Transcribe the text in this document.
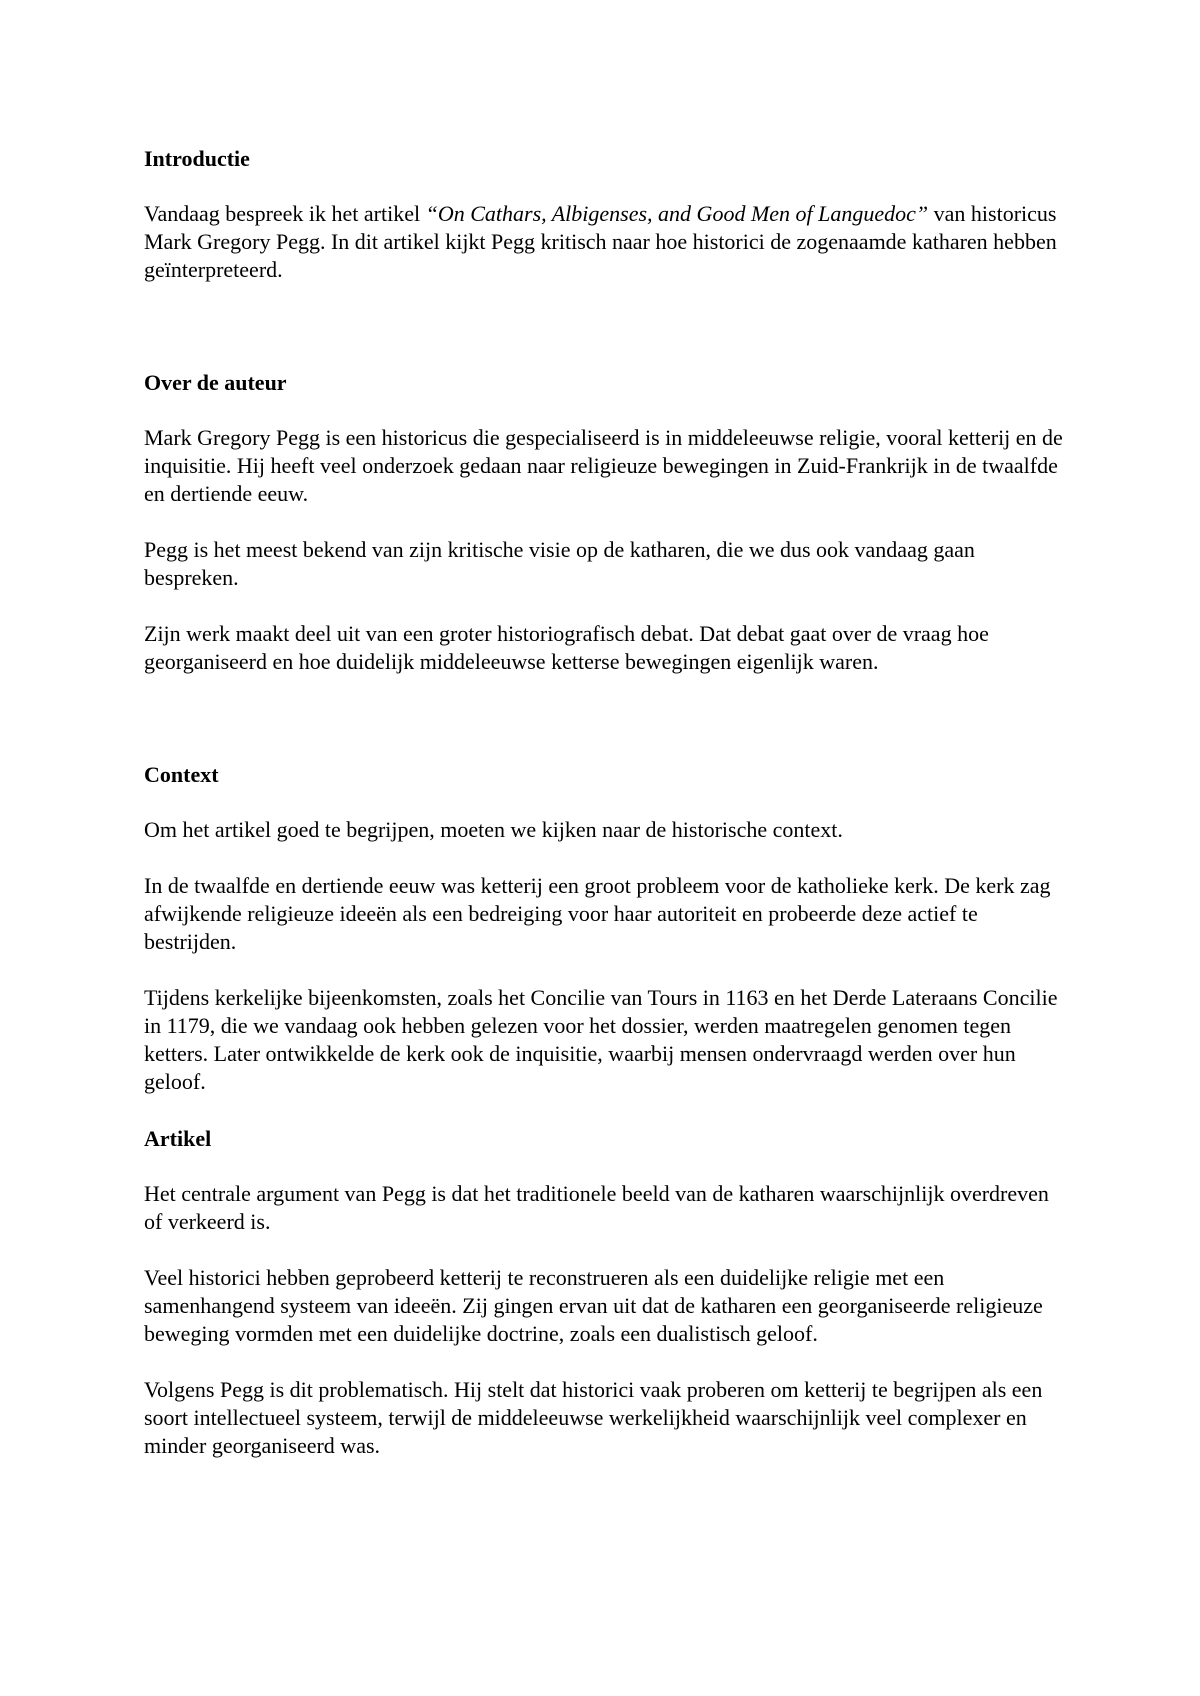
Introductie

Vandaag bespreek ik het artikel “On Cathars, Albigenses, and Good Men of Languedoc” van historicus Mark Gregory Pegg. In dit artikel kijkt Pegg kritisch naar hoe historici de zogenaamde katharen hebben geïnterpreteerd.

Over de auteur

Mark Gregory Pegg is een historicus die gespecialiseerd is in middeleeuwse religie, vooral ketterij en de inquisitie. Hij heeft veel onderzoek gedaan naar religieuze bewegingen in Zuid-Frankrijk in de twaalfde en dertiende eeuw.

Pegg is het meest bekend van zijn kritische visie op de katharen, die we dus ook vandaag gaan bespreken.

Zijn werk maakt deel uit van een groter historiografisch debat. Dat debat gaat over de vraag hoe georganiseerd en hoe duidelijk middeleeuwse ketterse bewegingen eigenlijk waren.

Context

Om het artikel goed te begrijpen, moeten we kijken naar de historische context.

In de twaalfde en dertiende eeuw was ketterij een groot probleem voor de katholieke kerk. De kerk zag afwijkende religieuze ideeën als een bedreiging voor haar autoriteit en probeerde deze actief te bestrijden.

Tijdens kerkelijke bijeenkomsten, zoals het Concilie van Tours in 1163 en het Derde Lateraans Concilie in 1179, die we vandaag ook hebben gelezen voor het dossier, werden maatregelen genomen tegen ketters. Later ontwikkelde de kerk ook de inquisitie, waarbij mensen ondervraagd werden over hun geloof.

Artikel

Het centrale argument van Pegg is dat het traditionele beeld van de katharen waarschijnlijk overdreven of verkeerd is.

Veel historici hebben geprobeerd ketterij te reconstrueren als een duidelijke religie met een samenhangend systeem van ideeën. Zij gingen ervan uit dat de katharen een georganiseerde religieuze beweging vormden met een duidelijke doctrine, zoals een dualistisch geloof.

Volgens Pegg is dit problematisch. Hij stelt dat historici vaak proberen om ketterij te begrijpen als een soort intellectueel systeem, terwijl de middeleeuwse werkelijkheid waarschijnlijk veel complexer en minder georganiseerd was.
